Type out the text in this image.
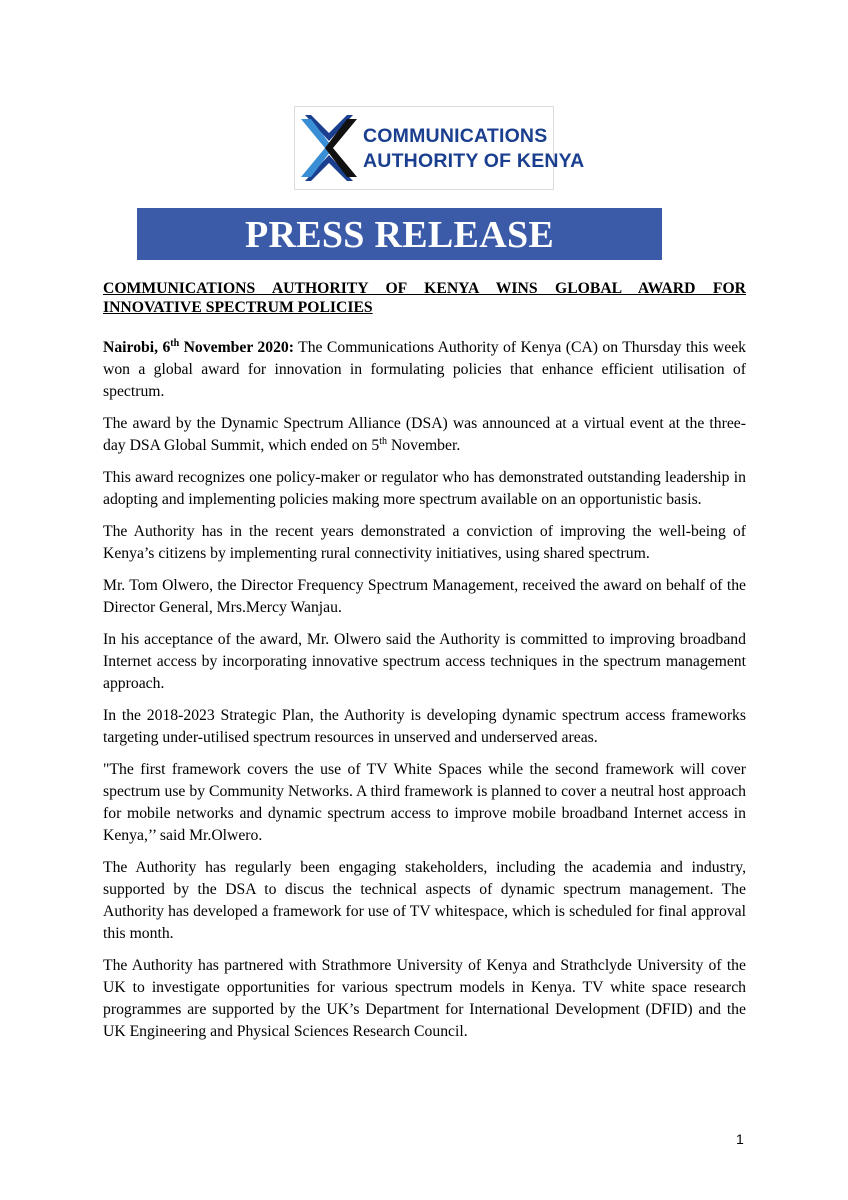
COMMUNICATIONS
AUTHORITY OF KENYA
PRESS RELEASE
COMMUNICATIONS AUTHORITY OF KENYA WINS GLOBAL AWARD FOR INNOVATIVE SPECTRUM POLICIES

Nairobi, 6th November 2020: The Communications Authority of Kenya (CA) on Thursday this week won a global award for innovation in formulating policies that enhance efficient utilisation of spectrum.

The award by the Dynamic Spectrum Alliance (DSA) was announced at a virtual event at the three-day DSA Global Summit, which ended on 5th November.

This award recognizes one policy-maker or regulator who has demonstrated outstanding leadership in adopting and implementing policies making more spectrum available on an opportunistic basis.

The Authority has in the recent years demonstrated a conviction of improving the well-being of Kenya’s citizens by implementing rural connectivity initiatives, using shared spectrum.

Mr. Tom Olwero, the Director Frequency Spectrum Management, received the award on behalf of the Director General, Mrs.Mercy Wanjau.

In his acceptance of the award, Mr. Olwero said the Authority is committed to improving broadband Internet access by incorporating innovative spectrum access techniques in the spectrum management approach.

In the 2018-2023 Strategic Plan, the Authority is developing dynamic spectrum access frameworks targeting under-utilised spectrum resources in unserved and underserved areas.

"The first framework covers the use of TV White Spaces while the second framework will cover spectrum use by Community Networks. A third framework is planned to cover a neutral host approach for mobile networks and dynamic spectrum access to improve mobile broadband Internet access in Kenya,’’ said Mr.Olwero.

The Authority has regularly been engaging stakeholders, including the academia and industry, supported by the DSA to discus the technical aspects of dynamic spectrum management. The Authority has developed a framework for use of TV whitespace, which is scheduled for final approval this month.

The Authority has partnered with Strathmore University of Kenya and Strathclyde University of the UK to investigate opportunities for various spectrum models in Kenya. TV white space research programmes are supported by the UK’s Department for International Development (DFID) and the UK Engineering and Physical Sciences Research Council.

1
